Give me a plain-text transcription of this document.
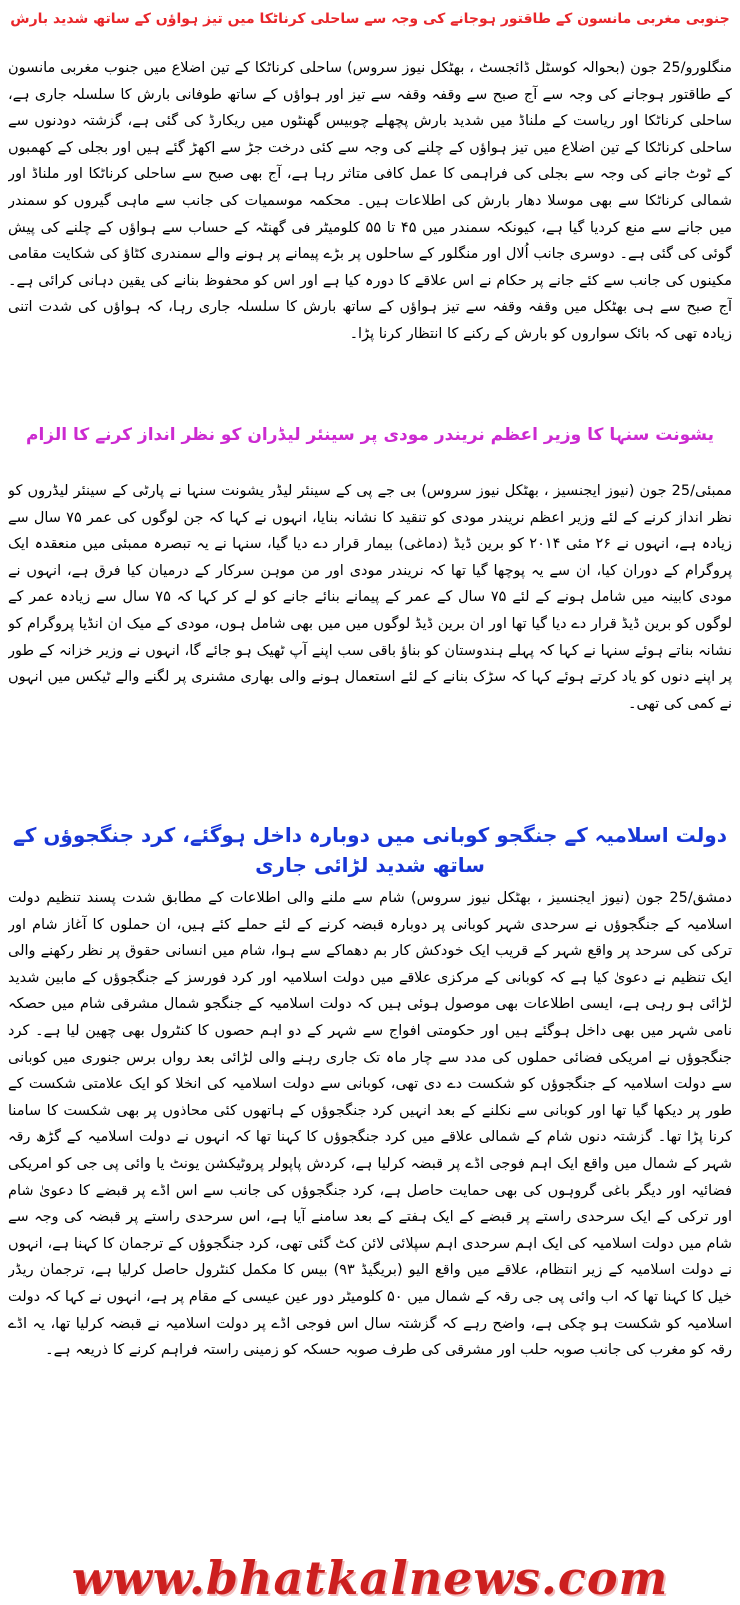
جنوبی مغربی مانسون کے طاقتور ہوجانے کی وجہ سے ساحلی کرناٹکا میں تیز ہواؤں کے ساتھ شدید بارش
منگلورو/25 جون (بحوالہ کوسٹل ڈائجسٹ ، بھٹکل نیوز سروس) ساحلی کرناٹکا کے تین اضلاع میں جنوب مغربی مانسون کے طاقتور ہوجانے کی وجہ سے آج صبح سے وقفہ وقفہ سے تیز اور ہواؤں کے ساتھ طوفانی بارش کا سلسلہ جاری ہے، ساحلی کرناٹکا اور ریاست کے ملناڈ میں شدید بارش پچھلے چوبیس گھنٹوں میں ریکارڈ کی گئی ہے، گزشتہ دودنوں سے ساحلی کرناٹکا کے تین اضلاع میں تیز ہواؤں کے چلنے کی وجہ سے کئی درخت جڑ سے اکھڑ گئے ہیں اور بجلی کے کھمبوں کے ٹوٹ جانے کی وجہ سے بجلی کی فراہمی کا عمل کافی متاثر رہا ہے، آج بھی صبح سے ساحلی کرناٹکا اور ملناڈ اور شمالی کرناٹکا سے بھی موسلا دھار بارش کی اطلاعات ہیں۔ محکمہ موسمیات کی جانب سے ماہی گیروں کو سمندر میں جانے سے منع کردیا گیا ہے، کیونکہ سمندر میں ۴۵ تا ۵۵ کلومیٹر فی گھنٹہ کے حساب سے ہواؤں کے چلنے کی پیش گوئی کی گئی ہے۔ دوسری جانب اُلال اور منگلور کے ساحلوں پر بڑے پیمانے پر ہونے والے سمندری کٹاؤ کی شکایت مقامی مکینوں کی جانب سے کئے جانے پر حکام نے اس علاقے کا دورہ کیا ہے اور اس کو محفوظ بنانے کی یقین دہانی کرائی ہے۔ آج صبح سے ہی بھٹکل میں وقفہ وقفہ سے تیز ہواؤں کے ساتھ بارش کا سلسلہ جاری رہا، کہ ہواؤں کی شدت اتنی زیادہ تھی کہ بائک سواروں کو بارش کے رکنے کا انتظار کرنا پڑا۔
یشونت سنہا کا وزیر اعظم نریندر مودی پر سینئر لیڈران کو نظر انداز کرنے کا الزام
ممبئی/25 جون (نیوز ایجنسیز ، بھٹکل نیوز سروس) بی جے پی کے سینئر لیڈر یشونت سنہا نے پارٹی کے سینئر لیڈروں کو نظر انداز کرنے کے لئے وزیر اعظم نریندر مودی کو تنقید کا نشانہ بنایا، انہوں نے کہا کہ جن لوگوں کی عمر ۷۵ سال سے زیادہ ہے، انہوں نے ۲۶ مئی ۲۰۱۴ کو برین ڈیڈ (دماغی) بیمار قرار دے دیا گیا، سنہا نے یہ تبصرہ ممبئی میں منعقدہ ایک پروگرام کے دوران کیا، ان سے یہ پوچھا گیا تھا کہ نریندر مودی اور من موہن سرکار کے درمیان کیا فرق ہے، انہوں نے مودی کابینہ میں شامل ہونے کے لئے ۷۵ سال کے عمر کے پیمانے بنائے جانے کو لے کر کہا کہ ۷۵ سال سے زیادہ عمر کے لوگوں کو برین ڈیڈ قرار دے دیا گیا تھا اور ان برین ڈیڈ لوگوں میں میں بھی شامل ہوں، مودی کے میک ان انڈیا پروگرام کو نشانہ بناتے ہوئے سنہا نے کہا کہ پہلے ہندوستان کو بناؤ باقی سب اپنے آپ ٹھیک ہو جائے گا، انہوں نے وزیر خزانہ کے طور پر اپنے دنوں کو یاد کرتے ہوئے کہا کہ سڑک بنانے کے لئے استعمال ہونے والی بھاری مشنری پر لگنے والے ٹیکس میں انہوں نے کمی کی تھی۔
دولت اسلامیہ کے جنگجو کوبانی میں دوبارہ داخل ہوگئے، کرد جنگجوؤں کے ساتھ شدید لڑائی جاری
دمشق/25 جون (نیوز ایجنسیز ، بھٹکل نیوز سروس) شام سے ملنے والی اطلاعات کے مطابق شدت پسند تنظیم دولت اسلامیہ کے جنگجوؤں نے سرحدی شہر کوبانی پر دوبارہ قبضہ کرنے کے لئے حملے کئے ہیں، ان حملوں کا آغاز شام اور ترکی کی سرحد پر واقع شہر کے قریب ایک خودکش کار بم دھماکے سے ہوا، شام میں انسانی حقوق پر نظر رکھنے والی ایک تنظیم نے دعویٰ کیا ہے کہ کوبانی کے مرکزی علاقے میں دولت اسلامیہ اور کرد فورسز کے جنگجوؤں کے مابین شدید لڑائی ہو رہی ہے، ایسی اطلاعات بھی موصول ہوئی ہیں کہ دولت اسلامیہ کے جنگجو شمال مشرقی شام میں حصکہ نامی شہر میں بھی داخل ہوگئے ہیں اور حکومتی افواج سے شہر کے دو اہم حصوں کا کنٹرول بھی چھین لیا ہے۔ کرد جنگجوؤں نے امریکی فضائی حملوں کی مدد سے چار ماہ تک جاری رہنے والی لڑائی بعد رواں برس جنوری میں کوبانی سے دولت اسلامیہ کے جنگجوؤں کو شکست دے دی تھی، کوبانی سے دولت اسلامیہ کی انخلا کو ایک علامتی شکست کے طور پر دیکھا گیا تھا اور کوبانی سے نکلنے کے بعد انہیں کرد جنگجوؤں کے ہاتھوں کئی محاذوں پر بھی شکست کا سامنا کرنا پڑا تھا۔ گزشتہ دنوں شام کے شمالی علاقے میں کرد جنگجوؤں کا کہنا تھا کہ انہوں نے دولت اسلامیہ کے گڑھ رقہ شہر کے شمال میں واقع ایک اہم فوجی اڈے پر قبضہ کرلیا ہے، کردش پاپولر پروٹیکشن یونٹ یا وائی پی جی کو امریکی فضائیہ اور دیگر باغی گروہوں کی بھی حمایت حاصل ہے، کرد جنگجوؤں کی جانب سے اس اڈے پر قبضے کا دعویٰ شام اور ترکی کے ایک سرحدی راستے پر قبضے کے ایک ہفتے کے بعد سامنے آیا ہے، اس سرحدی راستے پر قبضہ کی وجہ سے شام میں دولت اسلامیہ کی ایک اہم سرحدی اہم سپلائی لائن کٹ گئی تھی، کرد جنگجوؤں کے ترجمان کا کہنا ہے، انہوں نے دولت اسلامیہ کے زیر انتظام، علاقے میں واقع الیو (بریگیڈ ۹۳) بیس کا مکمل کنٹرول حاصل کرلیا ہے، ترجمان ریڈر خیل کا کہنا تھا کہ اب وائی پی جی رقہ کے شمال میں ۵۰ کلومیٹر دور عین عیسی کے مقام پر ہے، انہوں نے کہا کہ دولت اسلامیہ کو شکست ہو چکی ہے، واضح رہے کہ گزشتہ سال اس فوجی اڈے پر دولت اسلامیہ نے قبضہ کرلیا تھا، یہ اڈے رقہ کو مغرب کی جانب صوبہ حلب اور مشرقی کی طرف صوبہ حسکہ کو زمینی راستہ فراہم کرنے کا ذریعہ ہے۔
www.bhatkalnews.com
